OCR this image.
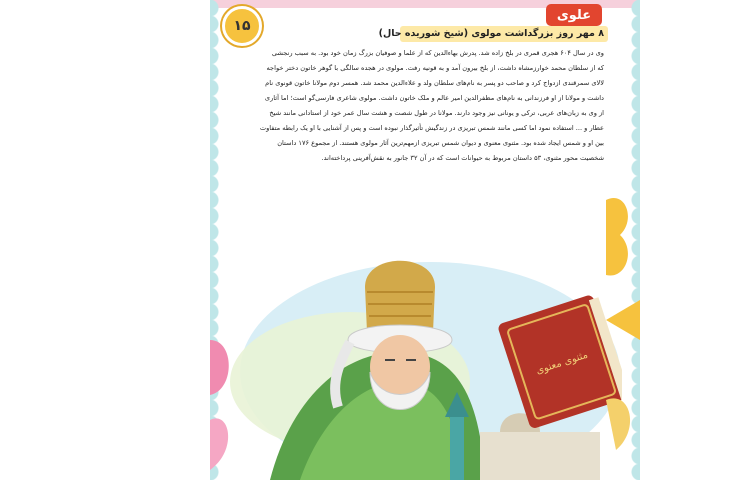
۱۵
علوی
۸ مهر روز بزرگداشت مولوی (شیخ شوریده حال)
وی در سال ۶۰۴ هجری قمری در بلخ زاده شد. پدرش بهاءالدین که از علما و صوفیان بزرگ زمان خود بود. به سبب رنجشی
که از سلطان محمد خوارزمشاه داشت، از بلخ بیرون آمد و به قونیه رفت. مولوی در هجده سالگی با گوهر خاتون دختر خواجه
لالای سمرقندی ازدواج کرد و صاحب دو پسر به نام‌های سلطان ولد و علاءالدین محمد شد. همسر دوم مولانا خاتون قونوی نام
داشت و مولانا از او فرزندانی به نام‌های مظفرالدین امیر عالم و ملک خاتون داشت. مولوی شاعری فارسی‌گو است؛ اما آثاری
از وی به زبان‌های عربی، ترکی و یونانی نیز وجود دارند. مولانا در طول شصت و هشت سال عمر خود از استادانی مانند شیخ
عطار و ... استفاده نمود اما کسی مانند شمس تبریزی در زندگیش تأثیرگذار نبوده است و پس از آشنایی با او یک رابطه متفاوت
بین او و شمس ایجاد شده بود. مثنوی معنوی و دیوان شمس تبریزی ازمهم‌ترین آثار مولوی هستند. از مجموع ۱۷۶ داستان
شخصیت محور مثنوی، ۵۳ داستان مربوط به حیوانات است که در آن ۳۲ جانور به نقش‌آفرینی پرداخته‌اند.
مثنوی معنوی
